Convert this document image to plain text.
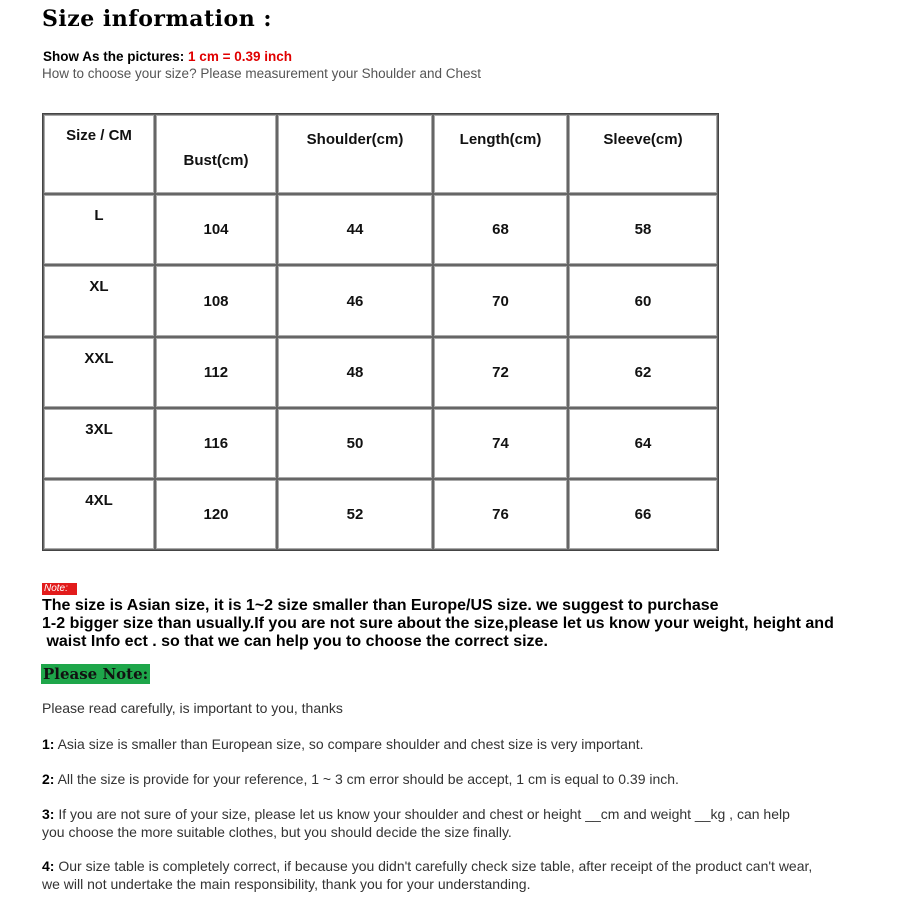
Size information :
Show As the pictures: 1 cm = 0.39 inch
How to choose your size? Please measurement your Shoulder and Chest
Size / CM	Bust(cm)	Shoulder(cm)	Length(cm)	Sleeve(cm)
L	104	44	68	58
XL	108	46	70	60
XXL	112	48	72	62
3XL	116	50	74	64
4XL	120	52	76	66
Note:
The size is Asian size, it is 1~2 size smaller than Europe/US size. we suggest to purchase
1-2 bigger size than usually.If you are not sure about the size,please let us know your weight, height and
waist Info ect . so that we can help you to choose the correct size.
Please Note:
Please read carefully, is important to you, thanks
1: Asia size is smaller than European size, so compare shoulder and chest size is very important.
2: All the size is provide for your reference, 1 ~ 3 cm error should be accept, 1 cm is equal to 0.39 inch.
3: If you are not sure of your size, please let us know your shoulder and chest or height __cm and weight __kg , can help
you choose the more suitable clothes, but you should decide the size finally.
4: Our size table is completely correct, if because you didn't carefully check size table, after receipt of the product can't wear,
we will not undertake the main responsibility, thank you for your understanding.
